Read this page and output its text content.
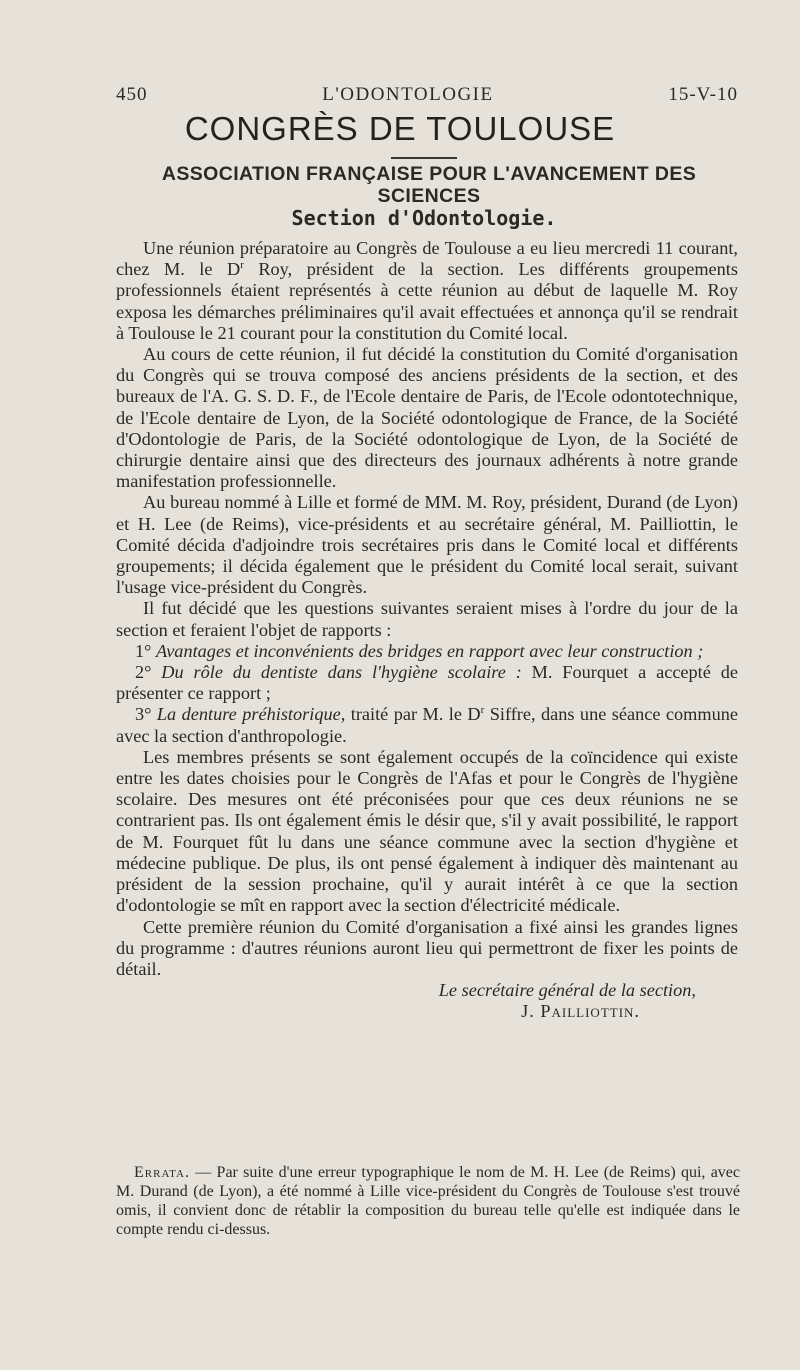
450	L'ODONTOLOGIE	15-V-10
CONGRÈS DE TOULOUSE
ASSOCIATION FRANÇAISE POUR L'AVANCEMENT DES SCIENCES
Section d'Odontologie.

Une réunion préparatoire au Congrès de Toulouse a eu lieu mercredi 11 courant, chez M. le $D^r$ Roy, président de la section. Les différents groupements professionnels étaient représentés à cette réunion au début de laquelle M. Roy exposa les démarches préliminaires qu'il avait effectuées et annonça qu'il se rendrait à Toulouse le 21 courant pour la constitution du Comité local.

Au cours de cette réunion, il fut décidé la constitution du Comité d'organisation du Congrès qui se trouva composé des anciens présidents de la section, et des bureaux de l'A. G. S. D. F., de l'Ecole dentaire de Paris, de l'Ecole odontotechnique, de l'Ecole dentaire de Lyon, de la Société odontologique de France, de la Société d'Odontologie de Paris, de la Société odontologique de Lyon, de la Société de chirurgie dentaire ainsi que des directeurs des journaux adhérents à notre grande manifestation professionnelle.

Au bureau nommé à Lille et formé de MM. M. Roy, président, Durand (de Lyon) et H. Lee (de Reims), vice-présidents et au secrétaire général, M. Pailliottin, le Comité décida d'adjoindre trois secrétaires pris dans le Comité local et différents groupements; il décida également que le président du Comité local serait, suivant l'usage vice-président du Congrès.

Il fut décidé que les questions suivantes seraient mises à l'ordre du jour de la section et feraient l'objet de rapports :

1° Avantages et inconvénients des bridges en rapport avec leur construction ;

2° Du rôle du dentiste dans l'hygiène scolaire : M. Fourquet a accepté de présenter ce rapport ;

3° La denture préhistorique, traité par M. le $D^r$ Siffre, dans une séance commune avec la section d'anthropologie.

Les membres présents se sont également occupés de la coïncidence qui existe entre les dates choisies pour le Congrès de l'Afas et pour le Congrès de l'hygiène scolaire. Des mesures ont été préconisées pour que ces deux réunions ne se contrarient pas. Ils ont également émis le désir que, s'il y avait possibilité, le rapport de M. Fourquet fût lu dans une séance commune avec la section d'hygiène et médecine publique. De plus, ils ont pensé également à indiquer dès maintenant au président de la session prochaine, qu'il y aurait intérêt à ce que la section d'odontologie se mît en rapport avec la section d'électricité médicale.

Cette première réunion du Comité d'organisation a fixé ainsi les grandes lignes du programme : d'autres réunions auront lieu qui permettront de fixer les points de détail.

Le secrétaire général de la section,
J. Pailliottin.

Errata. — Par suite d'une erreur typographique le nom de M. H. Lee (de Reims) qui, avec M. Durand (de Lyon), a été nommé à Lille vice-président du Congrès de Toulouse s'est trouvé omis, il convient donc de rétablir la composition du bureau telle qu'elle est indiquée dans le compte rendu ci-dessus.
